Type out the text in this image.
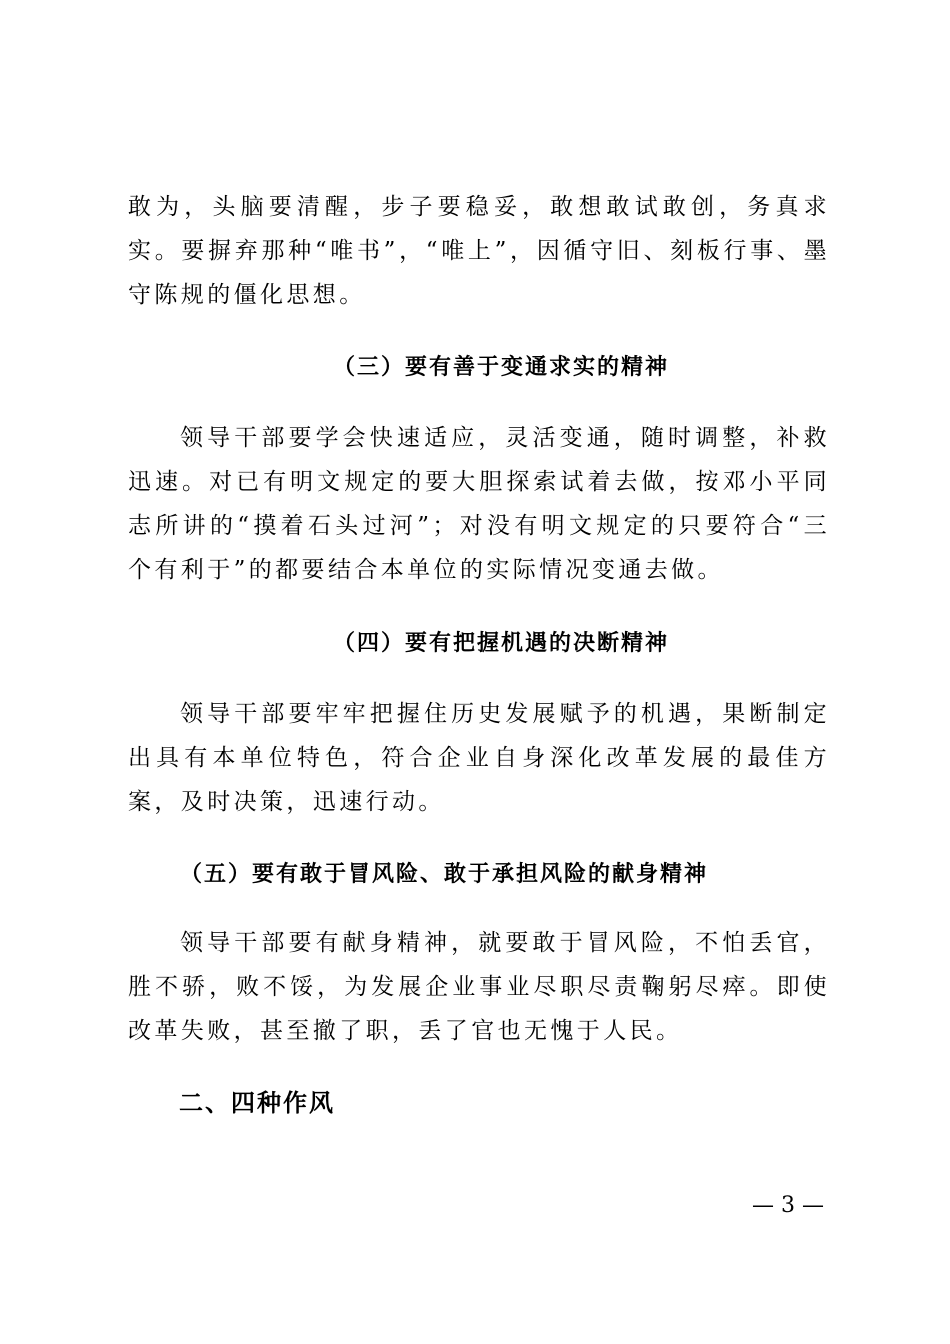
敢为，头脑要清醒，步子要稳妥，敢想敢试敢创，务真求实。要摒弃那种“唯书”，“唯上”，因循守旧、刻板行事、墨守陈规的僵化思想。

（三）要有善于变通求实的精神

领导干部要学会快速适应，灵活变通，随时调整，补救迅速。对已有明文规定的要大胆探索试着去做，按邓小平同志所讲的“摸着石头过河”；对没有明文规定的只要符合“三个有利于”的都要结合本单位的实际情况变通去做。

（四）要有把握机遇的决断精神

领导干部要牢牢把握住历史发展赋予的机遇，果断制定出具有本单位特色，符合企业自身深化改革发展的最佳方案，及时决策，迅速行动。

（五）要有敢于冒风险、敢于承担风险的献身精神

领导干部要有献身精神，就要敢于冒风险，不怕丢官，胜不骄，败不馁，为发展企业事业尽职尽责鞠躬尽瘁。即使改革失败，甚至撤了职，丢了官也无愧于人民。

二、四种作风

— 3 —
